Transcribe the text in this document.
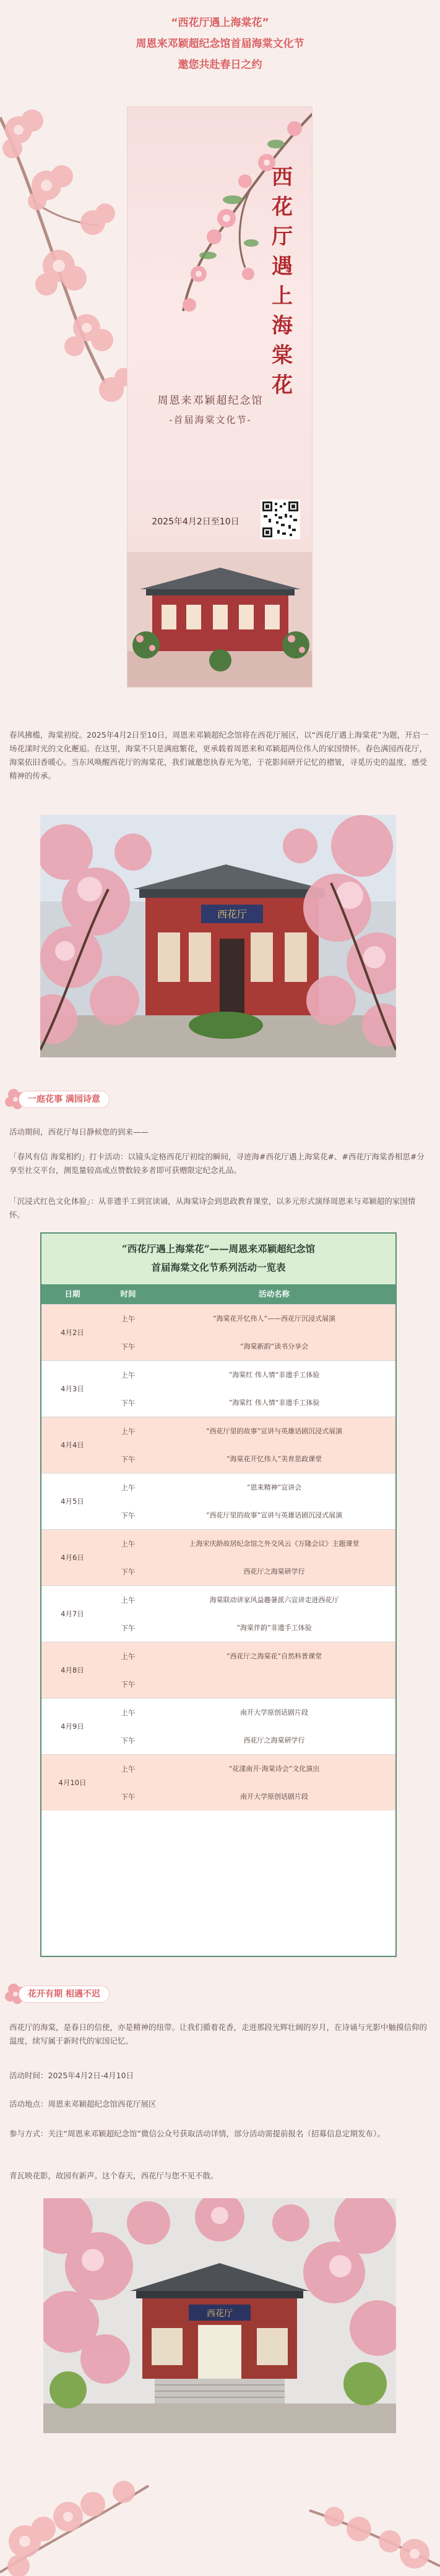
“西花厅遇上海棠花”
周恩来邓颖超纪念馆首届海棠文化节
邀您共赴春日之约
西
花
厅
遇
上
海
棠
花
周恩来邓颖超纪念馆
-首届海棠文化节-
2025年4月2日至10日

春风拂槛，海棠初绽。2025年4月2日至10日，周恩来邓颖超纪念馆将在西花厅展区，以“西花厅遇上海棠花”为题，开启一场花漾时光的文化邂逅。在这里，海棠不只是满庭繁花，更承载着周恩来和邓颖超两位伟人的家国情怀。春色满园西花厅，海棠依旧香暖心。当东风唤醒西花厅的海棠花，我们诚邀您执春光为笔，于花影间研开记忆的褶皱，寻觅历史的温度，感受精神的传承。

西花厅
一庭花事 满园诗意

活动期间，西花厅每日静候您的到来——

「春风有信 海棠相约」打卡活动：以镜头定格西花厅初绽的瞬间，寻迹海#西花厅遇上海棠花#、#西花厅海棠香相思#分享至社交平台，测览量较高或点赞数较多者即可获赠限定纪念礼品。

「沉浸式红色文化体验」：从非遗手工到宣读诵，从海棠诗会到思政教育课堂，以多元形式演绎周恩来与邓颖超的家国情怀。

“西花厅遇上海棠花”——周恩来邓颖超纪念馆
首届海棠文化节系列活动一览表
日期	时间	活动名称
4月2日
上午	“海棠花开忆伟人”——西花厅沉浸式展演
下午	“海棠新韵”读书分享会
4月3日
上午	“海棠红 伟人情”非遗手工体验
下午	“海棠红 伟人情”非遗手工体验
4月4日
上午	“西花厅里的故事”宣讲与英雄话剧沉浸式展演
下午	“海棠花开忆伟人”美育思政课堂
4月5日
上午	“恩来精神”宣讲会
下午	“西花厅里的故事”宣讲与英雄话剧沉浸式展演
4月6日
上午	上海宋庆龄故居纪念馆之外交风云《万隆会议》主题课堂
下午	西花厅之海棠研学行
4月7日
上午	海棠联动讲家风益趣暑派六宣讲走进西花厅
下午	“海棠伴韵”非遗手工体验
4月8日
上午	“西花厅之海棠花”自然科普课堂
下午
4月9日
上午	南开大学原创话剧片段
下午	西花厅之海棠研学行
4月10日
上午	“花漾南开·海棠诗会”文化演出
下午	南开大学原创话剧片段
花开有期 相遇不迟

西花厅的海棠，是春日的信使，亦是精神的纽带。让我们循着花香，走进那段光辉壮阔的岁月，在诗诵与光影中触摸信仰的温度，续写属于新时代的家国记忆。

活动时间：2025年4月2日-4月10日

活动地点：周恩来邓颖超纪念馆西花厅展区

参与方式：关注“周恩来邓颖超纪念馆”微信公众号获取活动详情，部分活动需提前报名（招募信息定期发布）。

青瓦映花影，故园有新声。这个春天，西花厅与您不见不散。

西花厅
